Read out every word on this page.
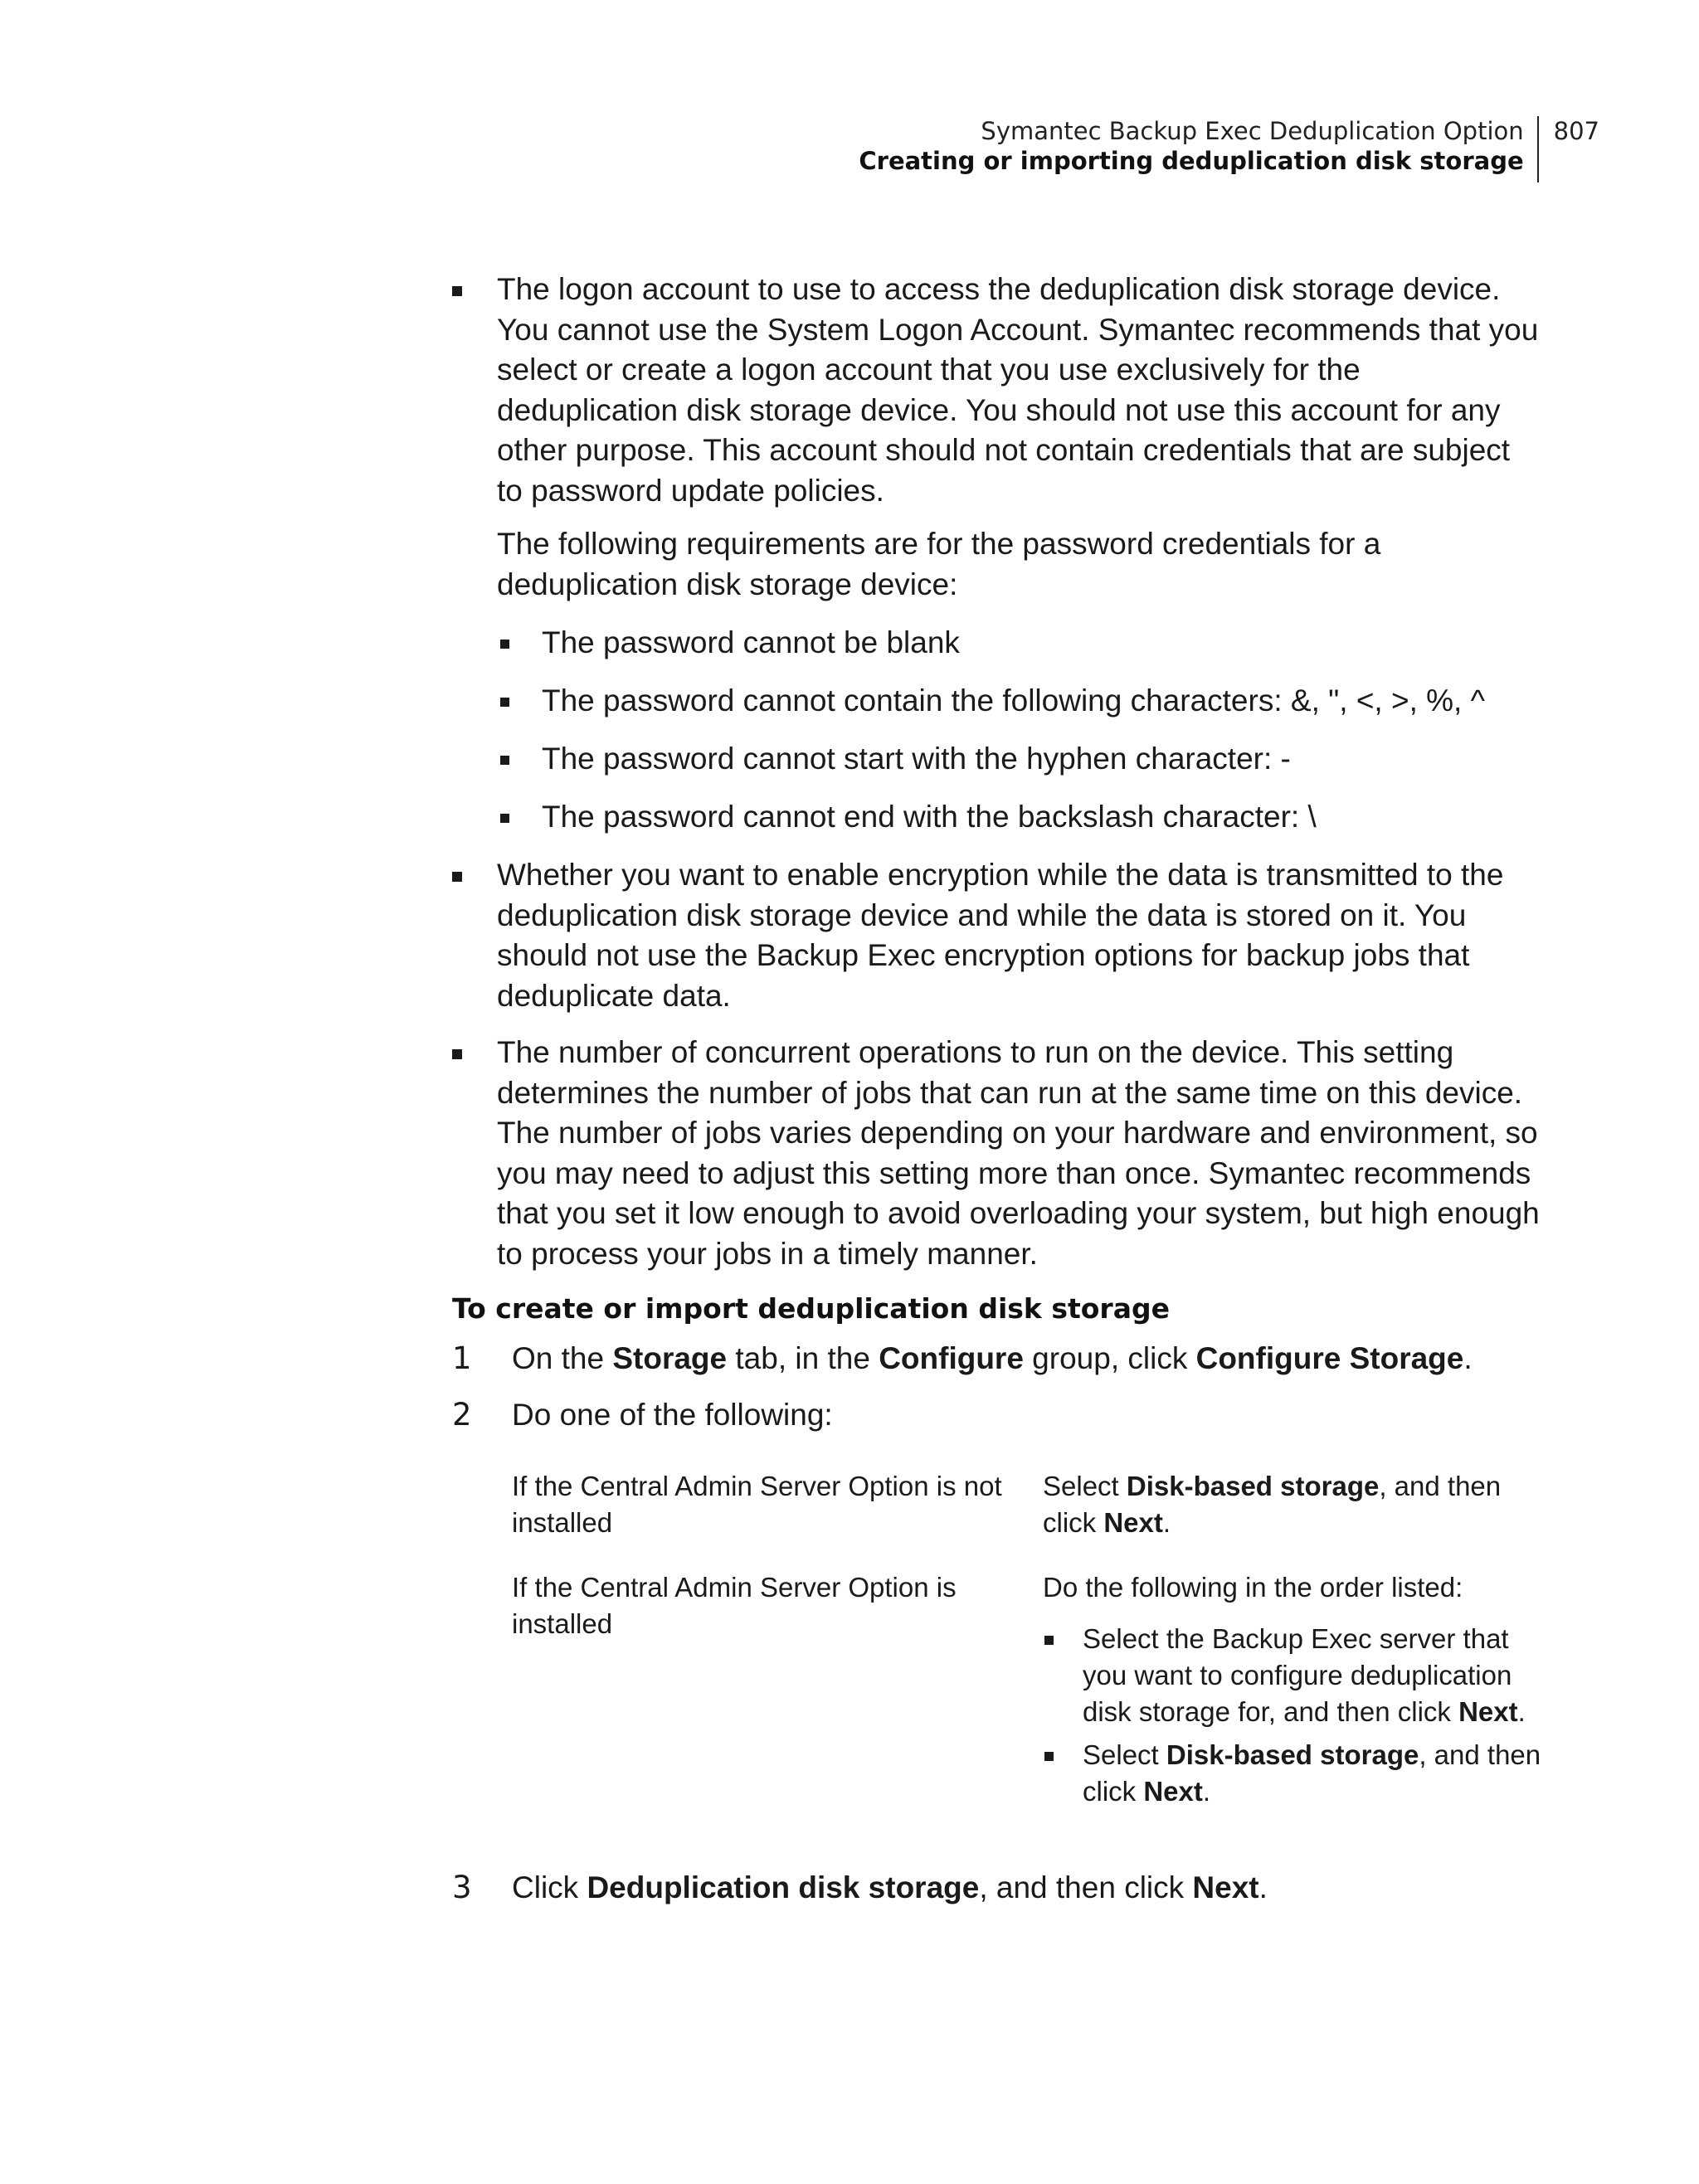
Symantec Backup Exec Deduplication Option
Creating or importing deduplication disk storage
807

The logon account to use to access the deduplication disk storage device. You cannot use the System Logon Account. Symantec recommends that you select or create a logon account that you use exclusively for the deduplication disk storage device. You should not use this account for any other purpose. This account should not contain credentials that are subject to password update policies.

The following requirements are for the password credentials for a deduplication disk storage device:

The password cannot be blank
The password cannot contain the following characters: &, ", <, >, %, ^
The password cannot start with the hyphen character: -
The password cannot end with the backslash character: \

Whether you want to enable encryption while the data is transmitted to the deduplication disk storage device and while the data is stored on it. You should not use the Backup Exec encryption options for backup jobs that deduplicate data.

The number of concurrent operations to run on the device. This setting determines the number of jobs that can run at the same time on this device. The number of jobs varies depending on your hardware and environment, so you may need to adjust this setting more than once. Symantec recommends that you set it low enough to avoid overloading your system, but high enough to process your jobs in a timely manner.

To create or import deduplication disk storage
1 On the Storage tab, in the Configure group, click Configure Storage.
2 Do one of the following:
If the Central Admin Server Option is not installed	Select Disk-based storage, and then click Next.
If the Central Admin Server Option is installed	Do the following in the order listed:
Select the Backup Exec server that you want to configure deduplication disk storage for, and then click Next.
Select Disk-based storage, and then click Next.
3 Click Deduplication disk storage, and then click Next.
